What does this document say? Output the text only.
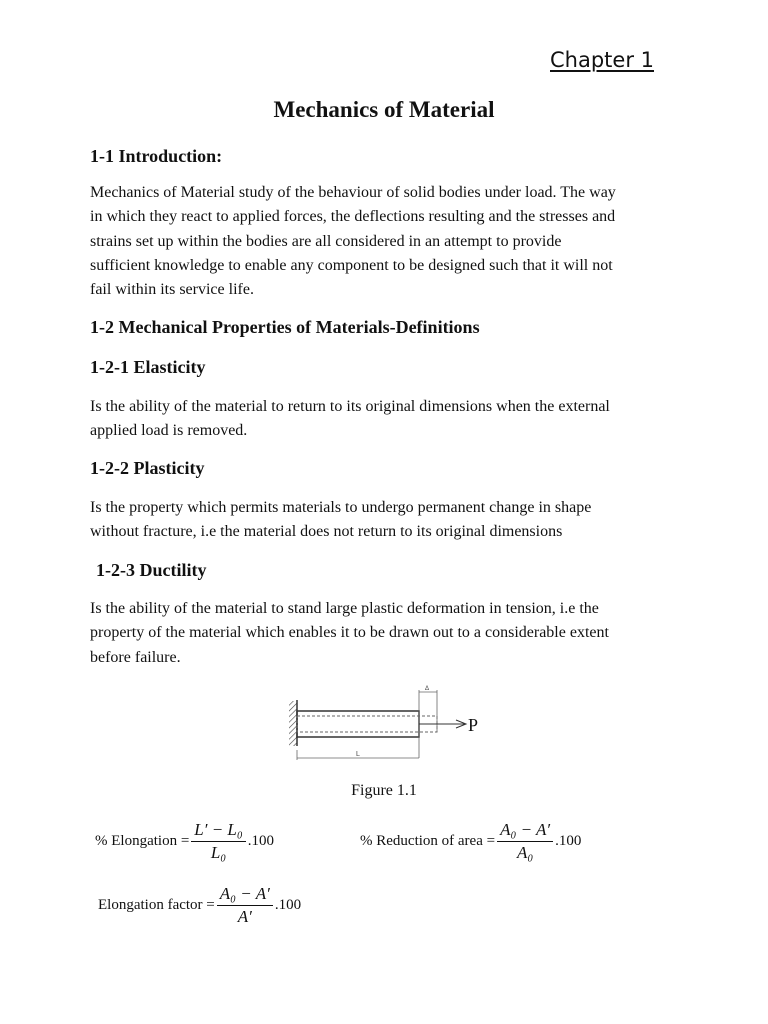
Chapter 1
Mechanics of Material
1-1 Introduction:
Mechanics of Material study of the behaviour of solid bodies under load. The way
in which they react to applied forces, the deflections resulting and the stresses and
strains set up within the bodies are all considered in an attempt to provide
sufficient knowledge to enable any component to be designed such that it will not
fail within its service life.
1-2 Mechanical Properties of Materials-Definitions
1-2-1 Elasticity
Is the ability of the material to return to its original dimensions when the external
applied load is removed.
1-2-2 Plasticity
Is the property which permits materials to undergo permanent change in shape
without fracture, i.e the material does not return to its original dimensions
1-2-3 Ductility
Is the ability of the material to stand large plastic deformation in tension, i.e the
property of the material which enables it to be drawn out to a considerable extent
before failure.
P
L
Δ
Figure 1.1
% Elongation = $\frac{\text{L′ − L₀}}{\text{L₀}} .100$	% Reduction of area = $\frac{\text{A₀ − A′}}{\text{A₀}} .100$
Elongation factor = $\frac{\text{A₀ − A′}}{A'} .100$
